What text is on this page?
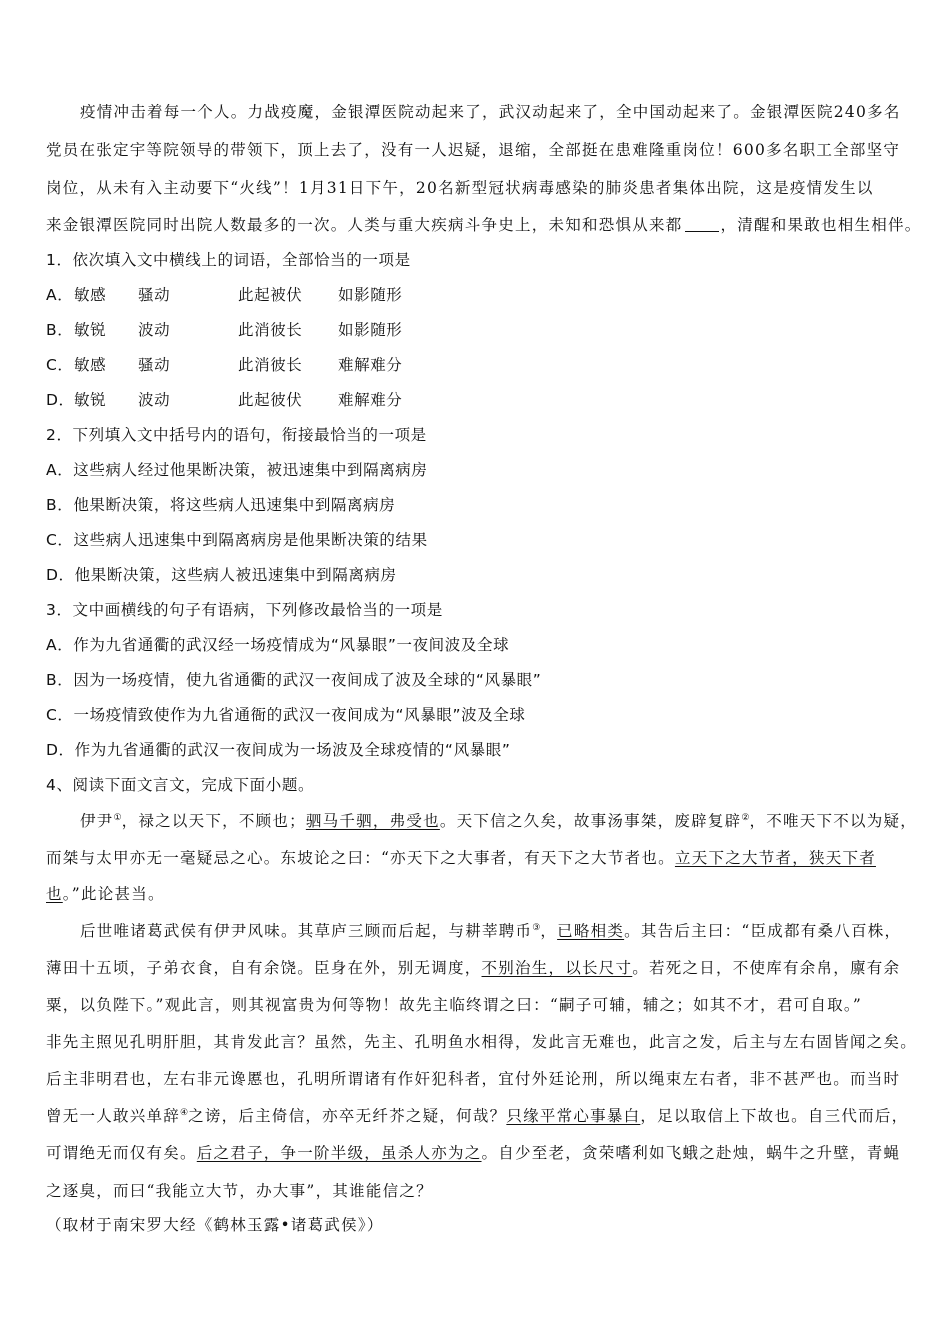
疫情冲击着每一个人。力战疫魔，金银潭医院动起来了，武汉动起来了，全中国动起来了。金银潭医院240多名
党员在张定宇等院领导的带领下，顶上去了，没有一人迟疑，退缩，全部挺在患难隆重岗位！600多名职工全部坚守
岗位，从未有入主动要下“火线”！1月31日下午，20名新型冠状病毒感染的肺炎患者集体出院，这是疫情发生以
来金银潭医院同时出院人数最多的一次。人类与重大疾病斗争史上，未知和恐惧从来都 ，清醒和果敢也相生相伴。
1．依次填入文中横线上的词语，全部恰当的一项是
A．敏感 骚动	此起被伏 如影随形
B．敏锐 波动	此消彼长 如影随形
C．敏感 骚动	此消彼长 难解难分
D．敏锐 波动	此起彼伏 难解难分
2．下列填入文中括号内的语句，衔接最恰当的一项是
A．这些病人经过他果断决策，被迅速集中到隔离病房
B．他果断决策，将这些病人迅速集中到隔离病房
C．这些病人迅速集中到隔离病房是他果断决策的结果
D．他果断决策，这些病人被迅速集中到隔离病房
3．文中画横线的句子有语病，下列修改最恰当的一项是
A．作为九省通衢的武汉经一场疫情成为“风暴眼”一夜间波及全球
B．因为一场疫情，使九省通衢的武汉一夜间成了波及全球的“风暴眼”
C．一场疫情致使作为九省通衙的武汉一夜间成为“风暴眼”波及全球
D．作为九省通衢的武汉一夜间成为一场波及全球疫情的“风暴眼”
4、阅读下面文言文，完成下面小题。
伊尹①，禄之以天下，不顾也；驷马千驷，弗受也。天下信之久矣，故事汤事桀，废辟复辟②，不唯天下不以为疑，
而桀与太甲亦无一毫疑忌之心。东坡论之曰：“亦天下之大事者，有天下之大节者也。立天下之大节者，狭天下者
也。”此论甚当。
后世唯诸葛武侯有伊尹风味。其草庐三顾而后起，与耕莘聘币③，已略相类。其告后主曰：“臣成都有桑八百株，
薄田十五顷，子弟衣食，自有余饶。臣身在外，别无调度，不别治生，以长尺寸。若死之日，不使库有余帛，廪有余
粟，以负陛下。”观此言，则其视富贵为何等物！故先主临终谓之曰：“嗣子可辅，辅之；如其不才，君可自取。”
非先主照见孔明肝胆，其肯发此言？虽然，先主、孔明鱼水相得，发此言无难也，此言之发，后主与左右固皆闻之矣。
后主非明君也，左右非元谗慝也，孔明所谓诸有作奸犯科者，宜付外廷论刑，所以绳束左右者，非不甚严也。而当时
曾无一人敢兴单辞④之谤，后主倚信，亦卒无纤芥之疑，何哉？只缘平常心事暴白，足以取信上下故也。自三代而后，
可谓绝无而仅有矣。后之君子，争一阶半级，虽杀人亦为之。自少至老，贪荣嗜利如飞蛾之赴烛，蜗牛之升壁，青蝇
之逐臭，而曰“我能立大节，办大事”，其谁能信之？
（取材于南宋罗大经《鹤林玉露•诸葛武侯》）
